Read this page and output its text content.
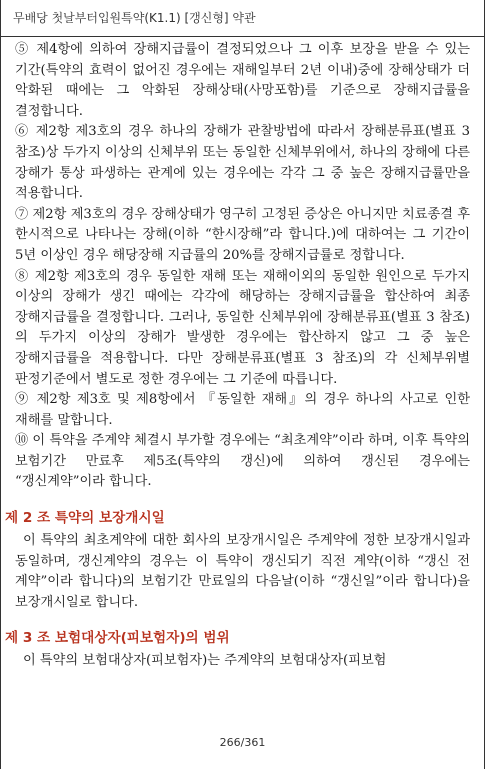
무배당 첫날부터입원특약(K1.1) [갱신형] 약관

⑤ 제4항에 의하여 장해지급률이 결정되었으나 그 이후 보장을 받을 수 있는 기간(특약의 효력이 없어진 경우에는 재해일부터 2년 이내)중에 장해상태가 더 악화된 때에는 그 악화된 장해상태(사망포함)를 기준으로 장해지급률을 결정합니다.

⑥ 제2항 제3호의 경우 하나의 장해가 관찰방법에 따라서 장해분류표(별표 3 참조)상 두가지 이상의 신체부위 또는 동일한 신체부위에서, 하나의 장해에 다른 장해가 통상 파생하는 관계에 있는 경우에는 각각 그 중 높은 장해지급률만을 적용합니다.

⑦ 제2항 제3호의 경우 장해상태가 영구히 고정된 증상은 아니지만 치료종결 후 한시적으로 나타나는 장해(이하 “한시장해”라 합니다.)에 대하여는 그 기간이 5년 이상인 경우 해당장해 지급률의 20%를 장해지급률로 정합니다.

⑧ 제2항 제3호의 경우 동일한 재해 또는 재해이외의 동일한 원인으로 두가지 이상의 장해가 생긴 때에는 각각에 해당하는 장해지급률을 합산하여 최종 장해지급률을 결정합니다. 그러나, 동일한 신체부위에 장해분류표(별표 3 참조)의 두가지 이상의 장해가 발생한 경우에는 합산하지 않고 그 중 높은 장해지급률을 적용합니다. 다만 장해분류표(별표 3 참조)의 각 신체부위별 판정기준에서 별도로 정한 경우에는 그 기준에 따릅니다.

⑨ 제2항 제3호 및 제8항에서 『동일한 재해』의 경우 하나의 사고로 인한 재해를 말합니다.

⑩ 이 특약을 주계약 체결시 부가할 경우에는 “최초계약”이라 하며, 이후 특약의 보험기간 만료후 제5조(특약의 갱신)에 의하여 갱신된 경우에는 “갱신계약”이라 합니다.

제 2 조 특약의 보장개시일

이 특약의 최초계약에 대한 회사의 보장개시일은 주계약에 정한 보장개시일과 동일하며, 갱신계약의 경우는 이 특약이 갱신되기 직전 계약(이하 “갱신 전 계약”이라 합니다)의 보험기간 만료일의 다음날(이하 “갱신일”이라 합니다)을 보장개시일로 합니다.

제 3 조 보험대상자(피보험자)의 범위

이 특약의 보험대상자(피보험자)는 주계약의 보험대상자(피보험

266/361
